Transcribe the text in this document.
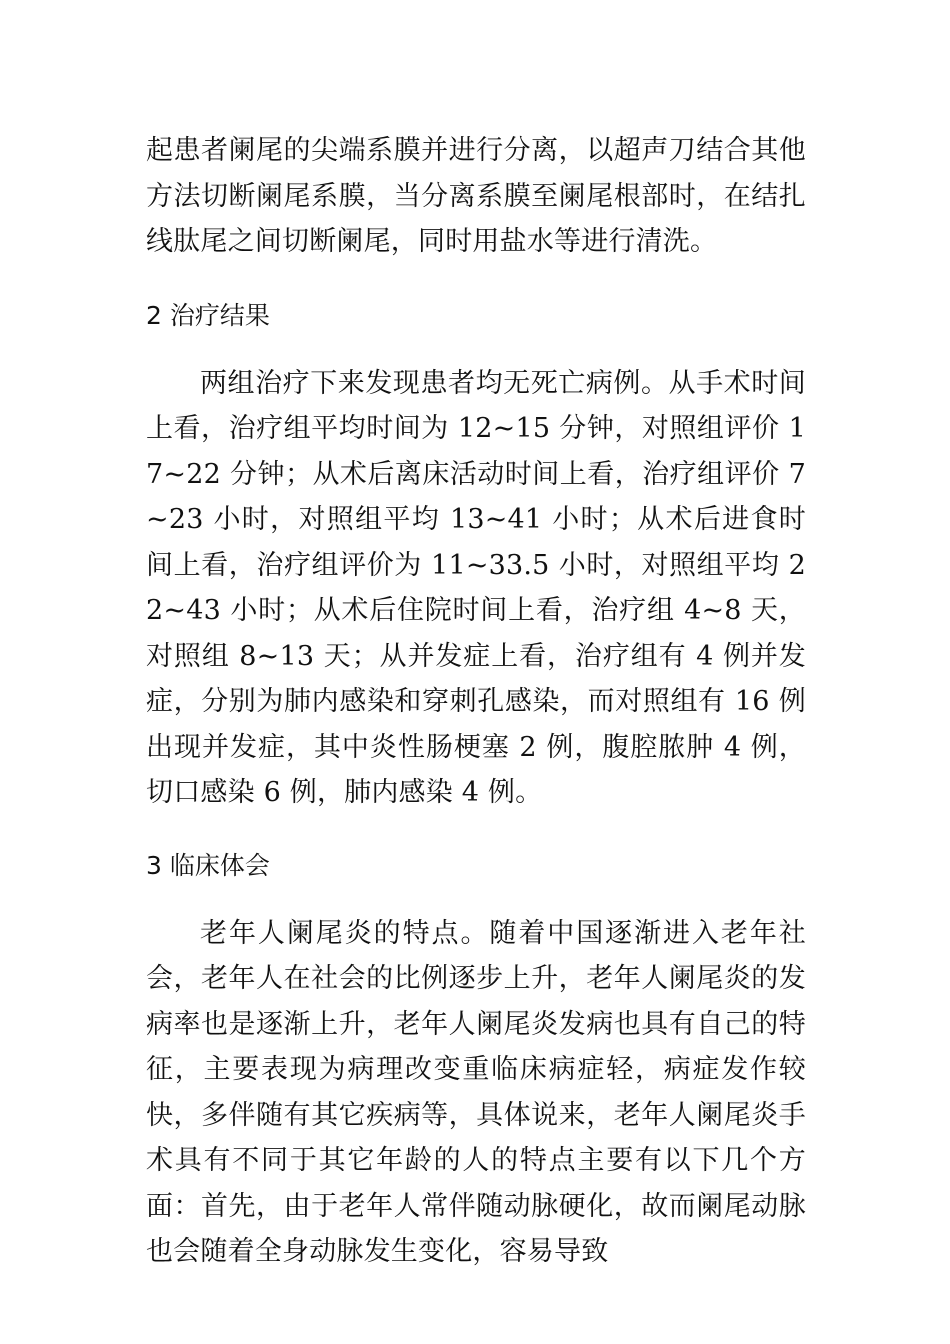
起患者阑尾的尖端系膜并进行分离，以超声刀结合其他方法切断阑尾系膜，当分离系膜至阑尾根部时，在结扎线肽尾之间切断阑尾，同时用盐水等进行清洗。

2 治疗结果

两组治疗下来发现患者均无死亡病例。从手术时间上看，治疗组平均时间为 12~15 分钟，对照组评价 17~22 分钟；从术后离床活动时间上看，治疗组评价 7~23 小时，对照组平均 13~41 小时；从术后进食时间上看，治疗组评价为 11~33.5 小时，对照组平均 22~43 小时；从术后住院时间上看，治疗组 4~8 天，对照组 8~13 天；从并发症上看，治疗组有 4 例并发症，分别为肺内感染和穿刺孔感染，而对照组有 16 例出现并发症，其中炎性肠梗塞 2 例，腹腔脓肿 4 例，切口感染 6 例，肺内感染 4 例。

3 临床体会

老年人阑尾炎的特点。随着中国逐渐进入老年社会，老年人在社会的比例逐步上升，老年人阑尾炎的发病率也是逐渐上升，老年人阑尾炎发病也具有自己的特征，主要表现为病理改变重临床病症轻，病症发作较快，多伴随有其它疾病等，具体说来，老年人阑尾炎手术具有不同于其它年龄的人的特点主要有以下几个方面：首先，由于老年人常伴随动脉硬化，故而阑尾动脉也会随着全身动脉发生变化，容易导致
